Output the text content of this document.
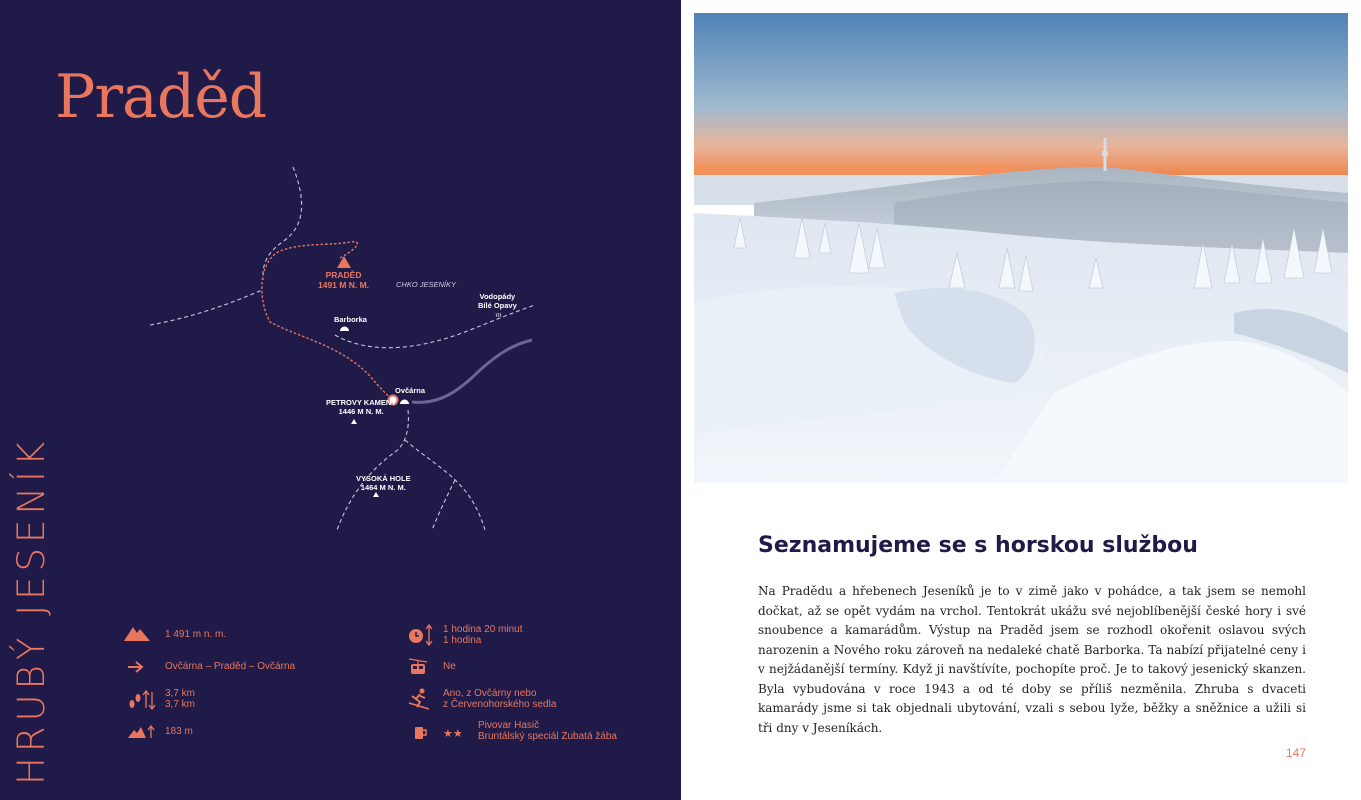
Praděd
HRUBÝ JESENÍK
PRADĚD
1491 M N. M.	CHKO JESENÍKY
Vodopády
Bílé Opavy
Barborka
Ovčárna
PETROVY KAMENY
1446 M N. M.
VYSOKÁ HOLE
1464 M N. M.
★★
1 491 m n. m.
Ovčárna – Praděd – Ovčárna
3,7 km
3,7 km
183 m
1 hodina 20 minut
1 hodina
Ne
Ano, z Ovčárny nebo
z Červenohorského sedla
Pivovar Hasič
Bruntálský speciál Zubatá žába
Seznamujeme se s horskou službou
Na Pradědu a hřebenech Jeseníků je to v zimě jako v pohádce, a tak jsem se nemohl dočkat, až se opět vydám na vrchol. Tentokrát ukážu své nejoblíbenější české hory i své snoubence a kamarádům. Výstup na Praděd jsem se rozhodl okořenit oslavou svých narozenin a Nového roku zároveň na nedaleké chatě Barborka. Ta nabízí přijatelné ceny i v nejžádanější termíny. Když ji navštívíte, pochopíte proč. Je to takový jesenický skanzen. Byla vybudována v roce 1943 a od té doby se příliš nezměnila. Zhruba s dvaceti kamarády jsme si tak objednali ubytování, vzali s sebou lyže, běžky a sněžnice a užili si tři dny v Jeseníkách.
147
